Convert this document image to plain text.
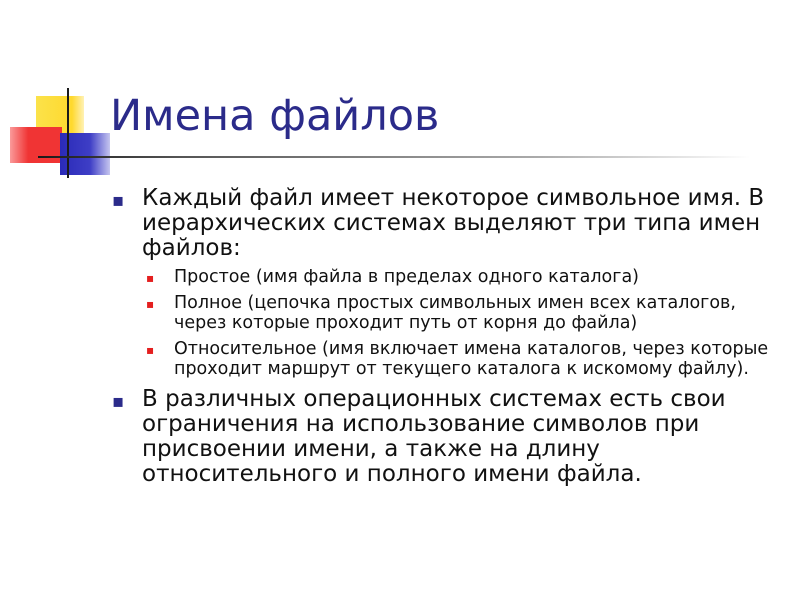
Имена файлов
▪ Каждый файл имеет некоторое символьное имя. В иерархических системах выделяют три типа имен файлов:
▪ Простое (имя файла в пределах одного каталога)
▪ Полное (цепочка простых символьных имен всех каталогов, через которые проходит путь от корня до файла)
▪ Относительное (имя включает имена каталогов, через которые проходит маршрут от текущего каталога к искомому файлу).
▪ В различных операционных системах есть свои ограничения на использование символов при присвоении имени, а также на длину относительного и полного имени файла.
